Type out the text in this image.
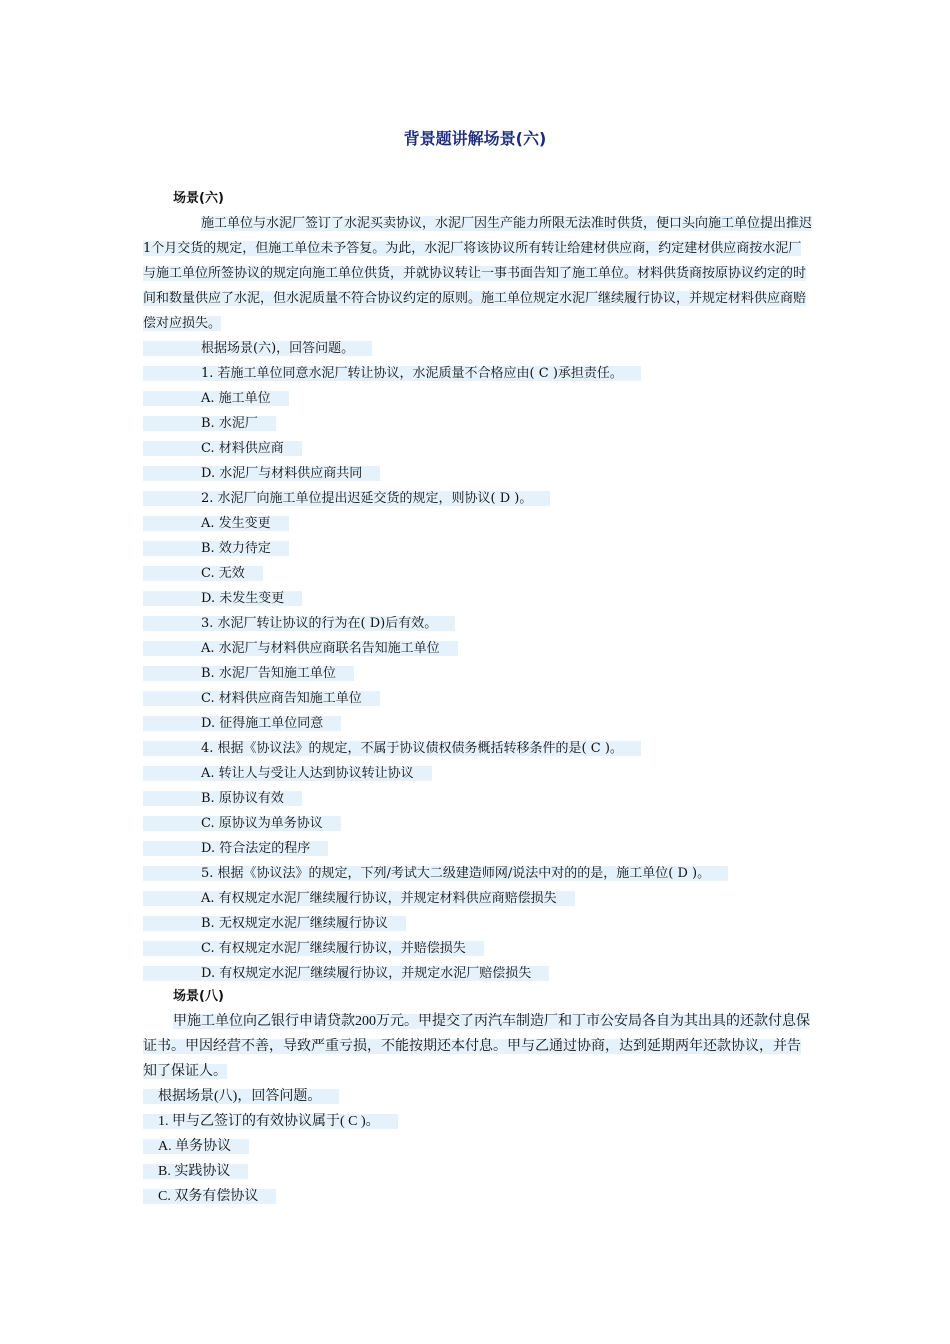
背景题讲解场景(六)
场景(六)

施工单位与水泥厂签订了水泥买卖协议，水泥厂因生产能力所限无法准时供货，便口头向施工单位提出推迟1个月交货的规定，但施工单位未予答复。为此，水泥厂将该协议所有转让给建材供应商，约定建材供应商按水泥厂与施工单位所签协议的规定向施工单位供货，并就协议转让一事书面告知了施工单位。材料供货商按原协议约定的时间和数量供应了水泥，但水泥质量不符合协议约定的原则。施工单位规定水泥厂继续履行协议，并规定材料供应商赔偿对应损失。

根据场景(六)，回答问题。
1. 若施工单位同意水泥厂转让协议，水泥质量不合格应由( C )承担责任。
A. 施工单位
B. 水泥厂
C. 材料供应商
D. 水泥厂与材料供应商共同
2. 水泥厂向施工单位提出迟延交货的规定，则协议( D )。
A. 发生变更
B. 效力待定
C. 无效
D. 未发生变更
3. 水泥厂转让协议的行为在( D)后有效。
A. 水泥厂与材料供应商联名告知施工单位
B. 水泥厂告知施工单位
C. 材料供应商告知施工单位
D. 征得施工单位同意
4. 根据《协议法》的规定，不属于协议债权债务概括转移条件的是( C )。
A. 转让人与受让人达到协议转让协议
B. 原协议有效
C. 原协议为单务协议
D. 符合法定的程序
5. 根据《协议法》的规定，下列/考试大二级建造师网/说法中对的的是，施工单位( D )。
A. 有权规定水泥厂继续履行协议，并规定材料供应商赔偿损失
B. 无权规定水泥厂继续履行协议
C. 有权规定水泥厂继续履行协议，并赔偿损失
D. 有权规定水泥厂继续履行协议，并规定水泥厂赔偿损失
场景(八)

甲施工单位向乙银行申请贷款200万元。甲提交了丙汽车制造厂和丁市公安局各自为其出具的还款付息保证书。甲因经营不善，导致严重亏损，不能按期还本付息。甲与乙通过协商，达到延期两年还款协议，并告知了保证人。

根据场景(八)，回答问题。
1. 甲与乙签订的有效协议属于( C )。
A. 单务协议
B. 实践协议
C. 双务有偿协议
